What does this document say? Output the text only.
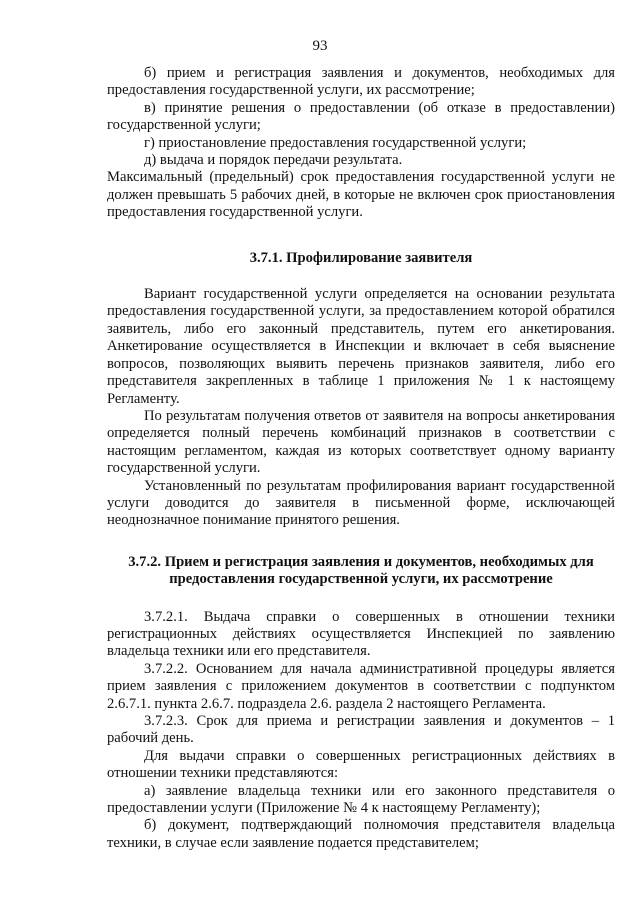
93

б) прием и регистрация заявления и документов, необходимых для предоставления государственной услуги, их рассмотрение;

в) принятие решения о предоставлении (об отказе в предоставлении) государственной услуги;

г) приостановление предоставления государственной услуги;

д) выдача и порядок передачи результата.

Максимальный (предельный) срок предоставления государственной услуги не должен превышать 5 рабочих дней, в которые не включен срок приостановления предоставления государственной услуги.

3.7.1. Профилирование заявителя

Вариант государственной услуги определяется на основании результата предоставления государственной услуги, за предоставлением которой обратился заявитель, либо его законный представитель, путем его анкетирования. Анкетирование осуществляется в Инспекции и включает в себя выяснение вопросов, позволяющих выявить перечень признаков заявителя, либо его представителя закрепленных в таблице 1 приложения № 1 к настоящему Регламенту.

По результатам получения ответов от заявителя на вопросы анкетирования определяется полный перечень комбинаций признаков в соответствии с настоящим регламентом, каждая из которых соответствует одному варианту государственной услуги.

Установленный по результатам профилирования вариант государственной услуги доводится до заявителя в письменной форме, исключающей неоднозначное понимание принятого решения.

3.7.2. Прием и регистрация заявления и документов, необходимых для предоставления государственной услуги, их рассмотрение

3.7.2.1. Выдача справки о совершенных в отношении техники регистрационных действиях осуществляется Инспекцией по заявлению владельца техники или его представителя.

3.7.2.2. Основанием для начала административной процедуры является прием заявления с приложением документов в соответствии с подпунктом 2.6.7.1. пункта 2.6.7. подраздела 2.6. раздела 2 настоящего Регламента.

3.7.2.3. Срок для приема и регистрации заявления и документов – 1 рабочий день.

Для выдачи справки о совершенных регистрационных действиях в отношении техники представляются:

а) заявление владельца техники или его законного представителя о предоставлении услуги (Приложение № 4 к настоящему Регламенту);

б) документ, подтверждающий полномочия представителя владельца техники, в случае если заявление подается представителем;
